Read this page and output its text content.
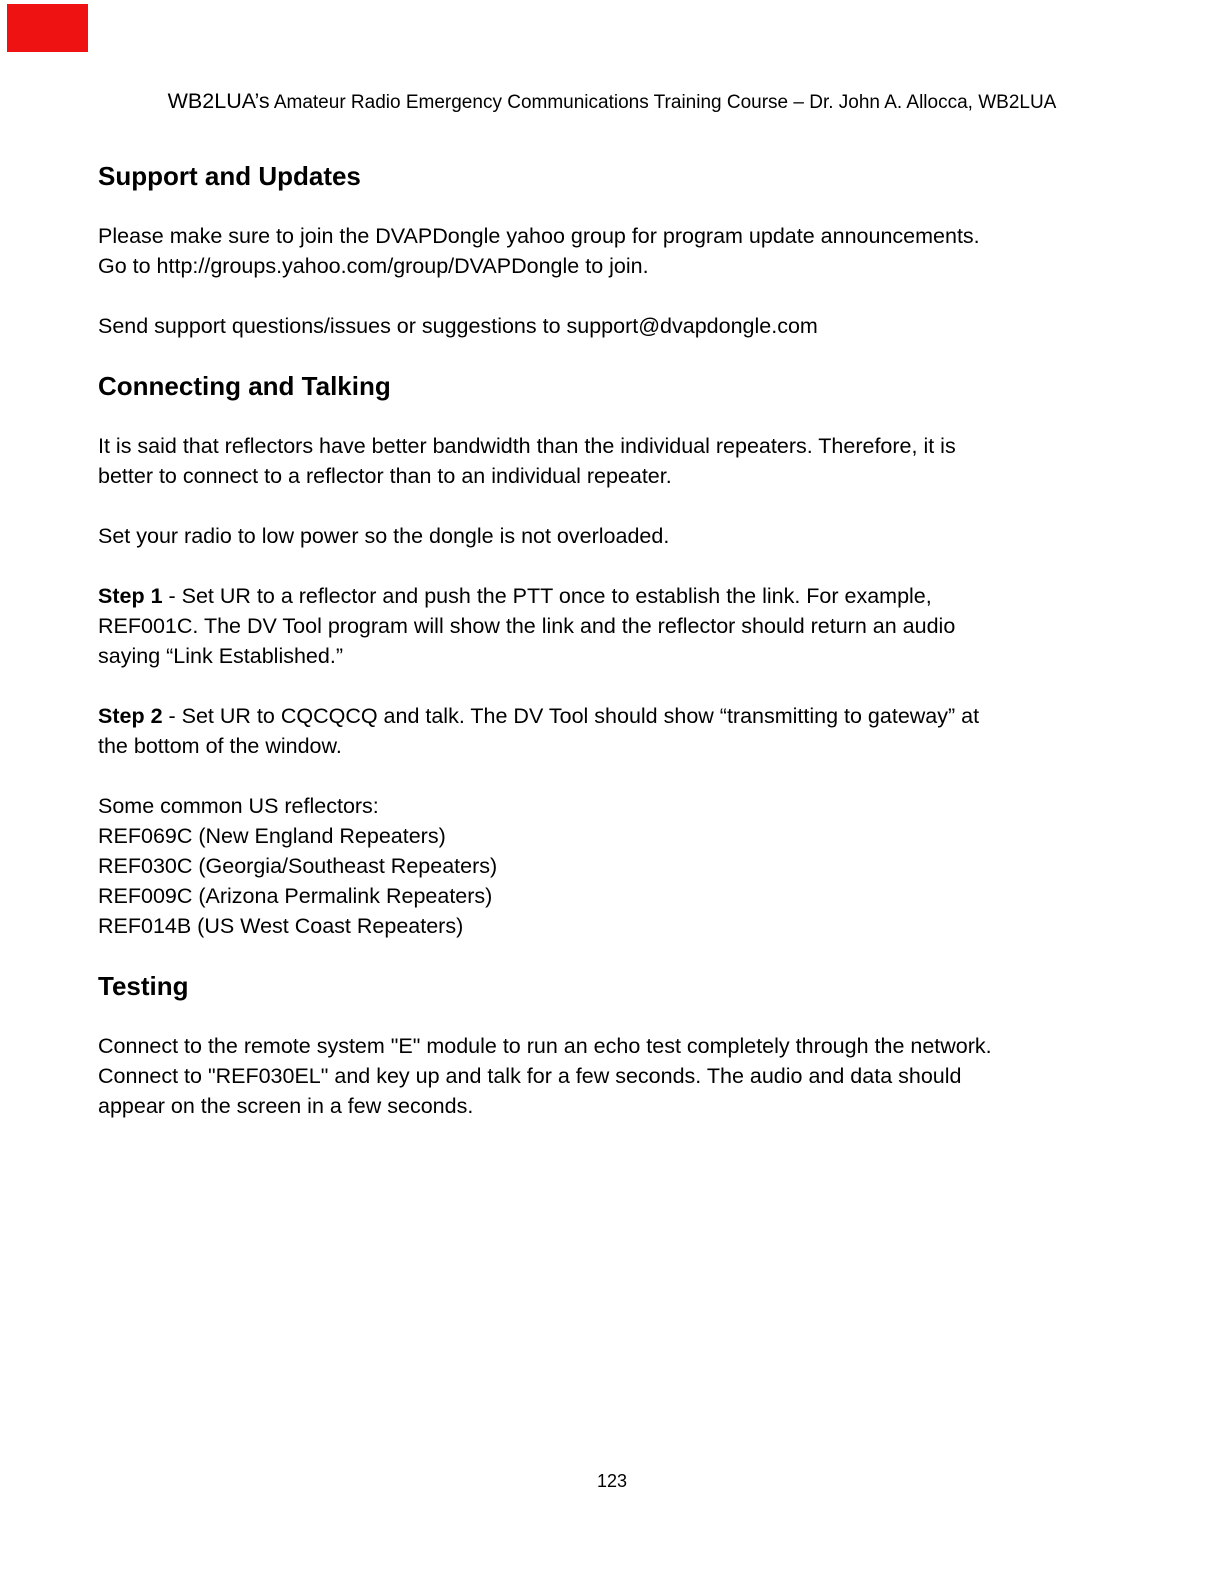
WB2LUA’s Amateur Radio Emergency Communications Training Course – Dr. John A. Allocca, WB2LUA
Support and Updates

Please make sure to join the DVAPDongle yahoo group for program update announcements.
Go to http://groups.yahoo.com/group/DVAPDongle to join.

Send support questions/issues or suggestions to support@dvapdongle.com

Connecting and Talking

It is said that reflectors have better bandwidth than the individual repeaters. Therefore, it is
better to connect to a reflector than to an individual repeater.

Set your radio to low power so the dongle is not overloaded.

Step 1 - Set UR to a reflector and push the PTT once to establish the link. For example,
REF001C. The DV Tool program will show the link and the reflector should return an audio
saying “Link Established.”

Step 2 - Set UR to CQCQCQ and talk. The DV Tool should show “transmitting to gateway” at
the bottom of the window.

Some common US reflectors:
REF069C (New England Repeaters)
REF030C (Georgia/Southeast Repeaters)
REF009C (Arizona Permalink Repeaters)
REF014B (US West Coast Repeaters)

Testing

Connect to the remote system "E" module to run an echo test completely through the network.
Connect to "REF030EL" and key up and talk for a few seconds. The audio and data should
appear on the screen in a few seconds.

123
